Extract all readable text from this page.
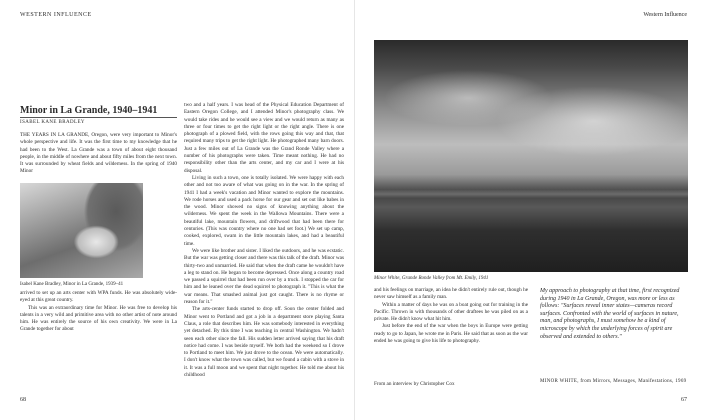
WESTERN INFLUENCE	Western Influence
Minor in La Grande, 1940–1941
ISABEL KANE BRADLEY

THE YEARS IN LA GRANDE, Oregon, were very important to Minor's whole perspective and life. It was the first time to my knowledge that he had been to the West. La Grande was a town of about eight thousand people, in the middle of nowhere and about fifty miles from the next town. It was surrounded by wheat fields and wilderness. In the spring of 1940 Minor

Isabel Kane Bradley, Minor in La Grande, 1939–41

arrived to set up an arts center with WPA funds. He was absolutely wide-eyed at this great country.

This was an extraordinary time for Minor. He was free to develop his talents in a very wild and primitive area with no other artist of note around him. He was entirely the source of his own creativity. We were in La Grande together for about

two and a half years. I was head of the Physical Education Department of Eastern Oregon College, and I attended Minor's photography class. We would take rides and he would see a view and we would return as many as three or four times to get the right light or the right angle. There is one photograph of a plowed field, with the rows going this way and that, that required many trips to get the right light. He photographed many barn doors. Just a few miles out of La Grande was the Grand Ronde Valley where a number of his photographs were taken. Time meant nothing. He had no responsibility other than the arts center, and my car and I were at his disposal.

Living in such a town, one is totally isolated. We were happy with each other and not too aware of what was going on in the war. In the spring of 1941 I had a week's vacation and Minor wanted to explore the mountains. We rode horses and used a pack horse for our gear and set out like babes in the wood. Minor showed no signs of knowing anything about the wilderness. We spent the week in the Wallowa Mountains. There were a beautiful lake, mountain flowers, and driftwood that had been there for centuries. (This was country where no one had set foot.) We set up camp, cooked, explored, swam in the little mountain lakes, and had a beautiful time.

We were like brother and sister. I liked the outdoors, and he was ecstatic. But the war was getting closer and there was this talk of the draft. Minor was thirty-two and unmarried. He said that when the draft came he wouldn't have a leg to stand on. He began to become depressed. Once along a country road we passed a squirrel that had been run over by a truck. I stopped the car for him and he leaned over the dead squirrel to photograph it. "This is what the war means. That smashed animal just got caught. There is no rhyme or reason for it."

The arts-center funds started to drop off. Soon the center folded and Minor went to Portland and got a job in a department store playing Santa Claus, a role that describes him. He was somebody interested in everything yet detached. By this time I was teaching in central Washington. We hadn't seen each other since the fall. His sudden letter arrived saying that his draft notice had come. I was beside myself. We both had the weekend so I drove to Portland to meet him. We just drove to the ocean. We were automatically. I don't know what the town was called, but we found a cabin with a stove in it. It was a full moon and we spent that night together. He told me about his childhood

Minor White, Grande Ronde Valley from Mt. Emily, 1941

and his feelings on marriage, an idea he didn't entirely rule out, though he never saw himself as a family man.

Within a matter of days he was on a boat going out for training in the Pacific. Thrown in with thousands of other draftees he was piled on as a private. He didn't know what hit him.

Just before the end of the war when the boys in Europe were getting ready to go to Japan, he wrote me in Paris. He said that as soon as the war ended he was going to give his life to photography.

From an interview by Christopher Cox
My approach to photography at that time, first recognized during 1940 in La Grande, Oregon, was more or less as follows: "Surfaces reveal inner states—cameras record surfaces. Confronted with the world of surfaces in nature, man, and photographs, I must somehow be a kind of microscope by which the underlying forces of spirit are observed and extended to others."
MINOR WHITE, from Mirrors, Messages, Manifestations, 1969
68	67
